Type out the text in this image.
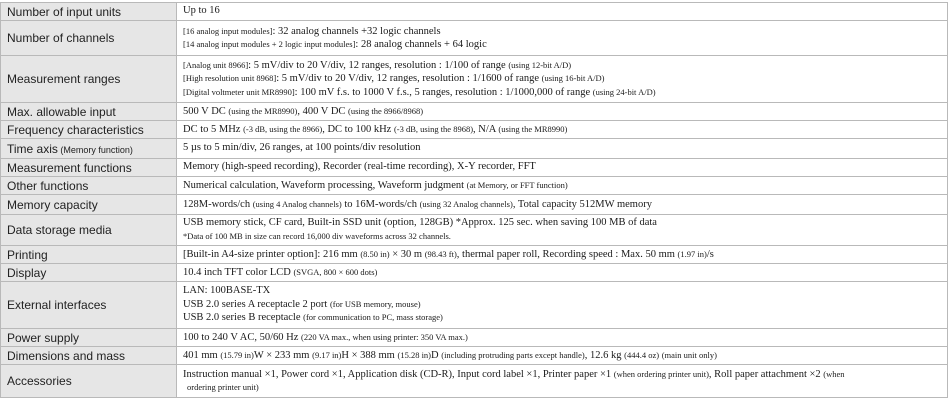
Number of input units	Up to 16

Number of channels	[16 analog input modules]: 32 analog channels +32 logic channels
[14 analog input modules + 2 logic input modules]: 28 analog channels + 64 logic

Measurement ranges	[Analog unit 8966]: 5 mV/div to 20 V/div, 12 ranges, resolution : 1/100 of range (using 12-bit A/D)
[High resolution unit 8968]: 5 mV/div to 20 V/div, 12 ranges, resolution : 1/1600 of range (using 16-bit A/D)
[Digital voltmeter unit MR8990]: 100 mV f.s. to 1000 V f.s., 5 ranges, resolution : 1/1000,000 of range (using 24-bit A/D)

Max. allowable input	500 V DC (using the MR8990), 400 V DC (using the 8966/8968)

Frequency characteristics	DC to 5 MHz (-3 dB, using the 8966), DC to 100 kHz (-3 dB, using the 8968), N/A (using the MR8990)

Time axis (Memory function)	5 µs to 5 min/div, 26 ranges, at 100 points/div resolution

Measurement functions	Memory (high-speed recording), Recorder (real-time recording), X-Y recorder, FFT

Other functions	Numerical calculation, Waveform processing, Waveform judgment (at Memory, or FFT function)

Memory capacity	128M-words/ch (using 4 Analog channels) to 16M-words/ch (using 32 Analog channels), Total capacity 512MW memory

Data storage media	USB memory stick, CF card, Built-in SSD unit (option, 128GB) *Approx. 125 sec. when saving 100 MB of data
*Data of 100 MB in size can record 16,000 div waveforms across 32 channels.

Printing	[Built-in A4-size printer option]: 216 mm (8.50 in) × 30 m (98.43 ft), thermal paper roll, Recording speed : Max. 50 mm (1.97 in)/s

Display	10.4 inch TFT color LCD (SVGA, 800 × 600 dots)

External interfaces	LAN: 100BASE-TX
USB 2.0 series A receptacle 2 port (for USB memory, mouse)
USB 2.0 series B receptacle (for communication to PC, mass storage)

Power supply	100 to 240 V AC, 50/60 Hz (220 VA max., when using printer: 350 VA max.)

Dimensions and mass	401 mm (15.79 in)W × 233 mm (9.17 in)H × 388 mm (15.28 in)D (including protruding parts except handle), 12.6 kg (444.4 oz) (main unit only)

Accessories	Instruction manual ×1, Power cord ×1, Application disk (CD-R), Input cord label ×1, Printer paper ×1 (when ordering printer unit), Roll paper attachment ×2 (when
ordering printer unit)
